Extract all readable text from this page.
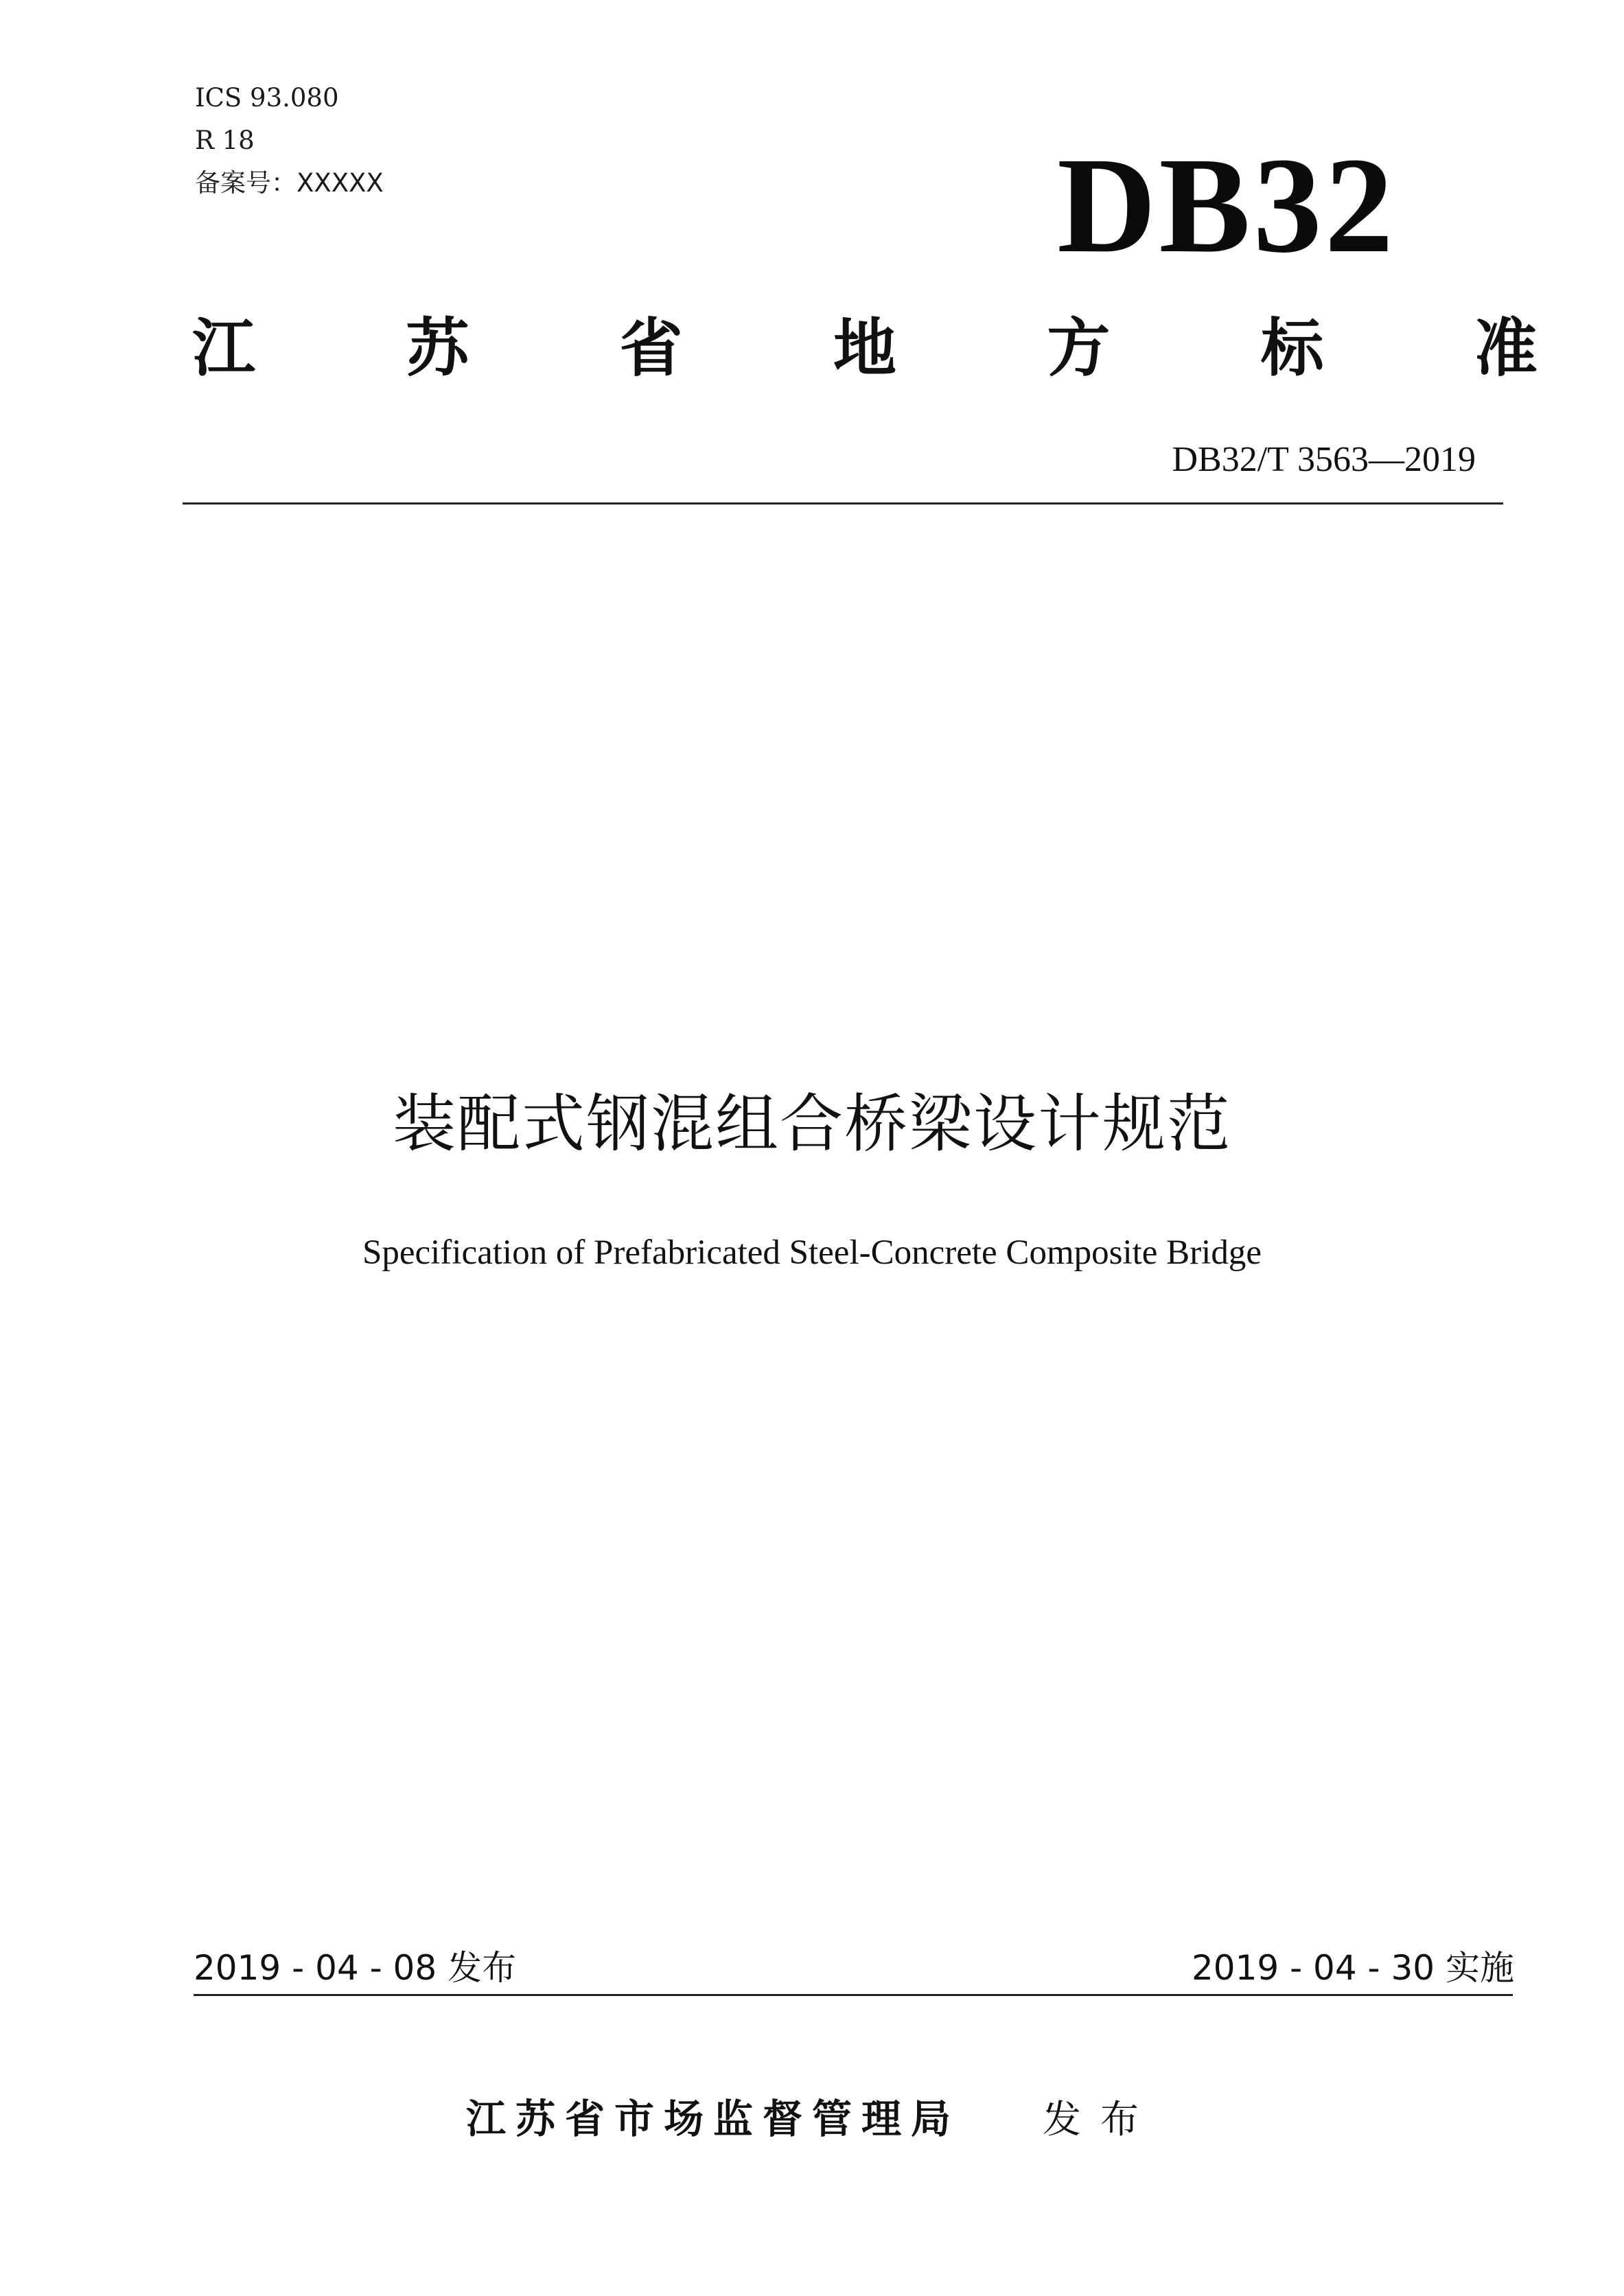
ICS 93.080
R 18
备案号：XXXXX	DB32
江 苏 省 地 方 标 准
DB32/T 3563—2019
装配式钢混组合桥梁设计规范
Specification of Prefabricated Steel-Concrete Composite Bridge
2019 - 04 - 08 发布	2019 - 04 - 30 实施
江苏省市场监督管理局 发布
